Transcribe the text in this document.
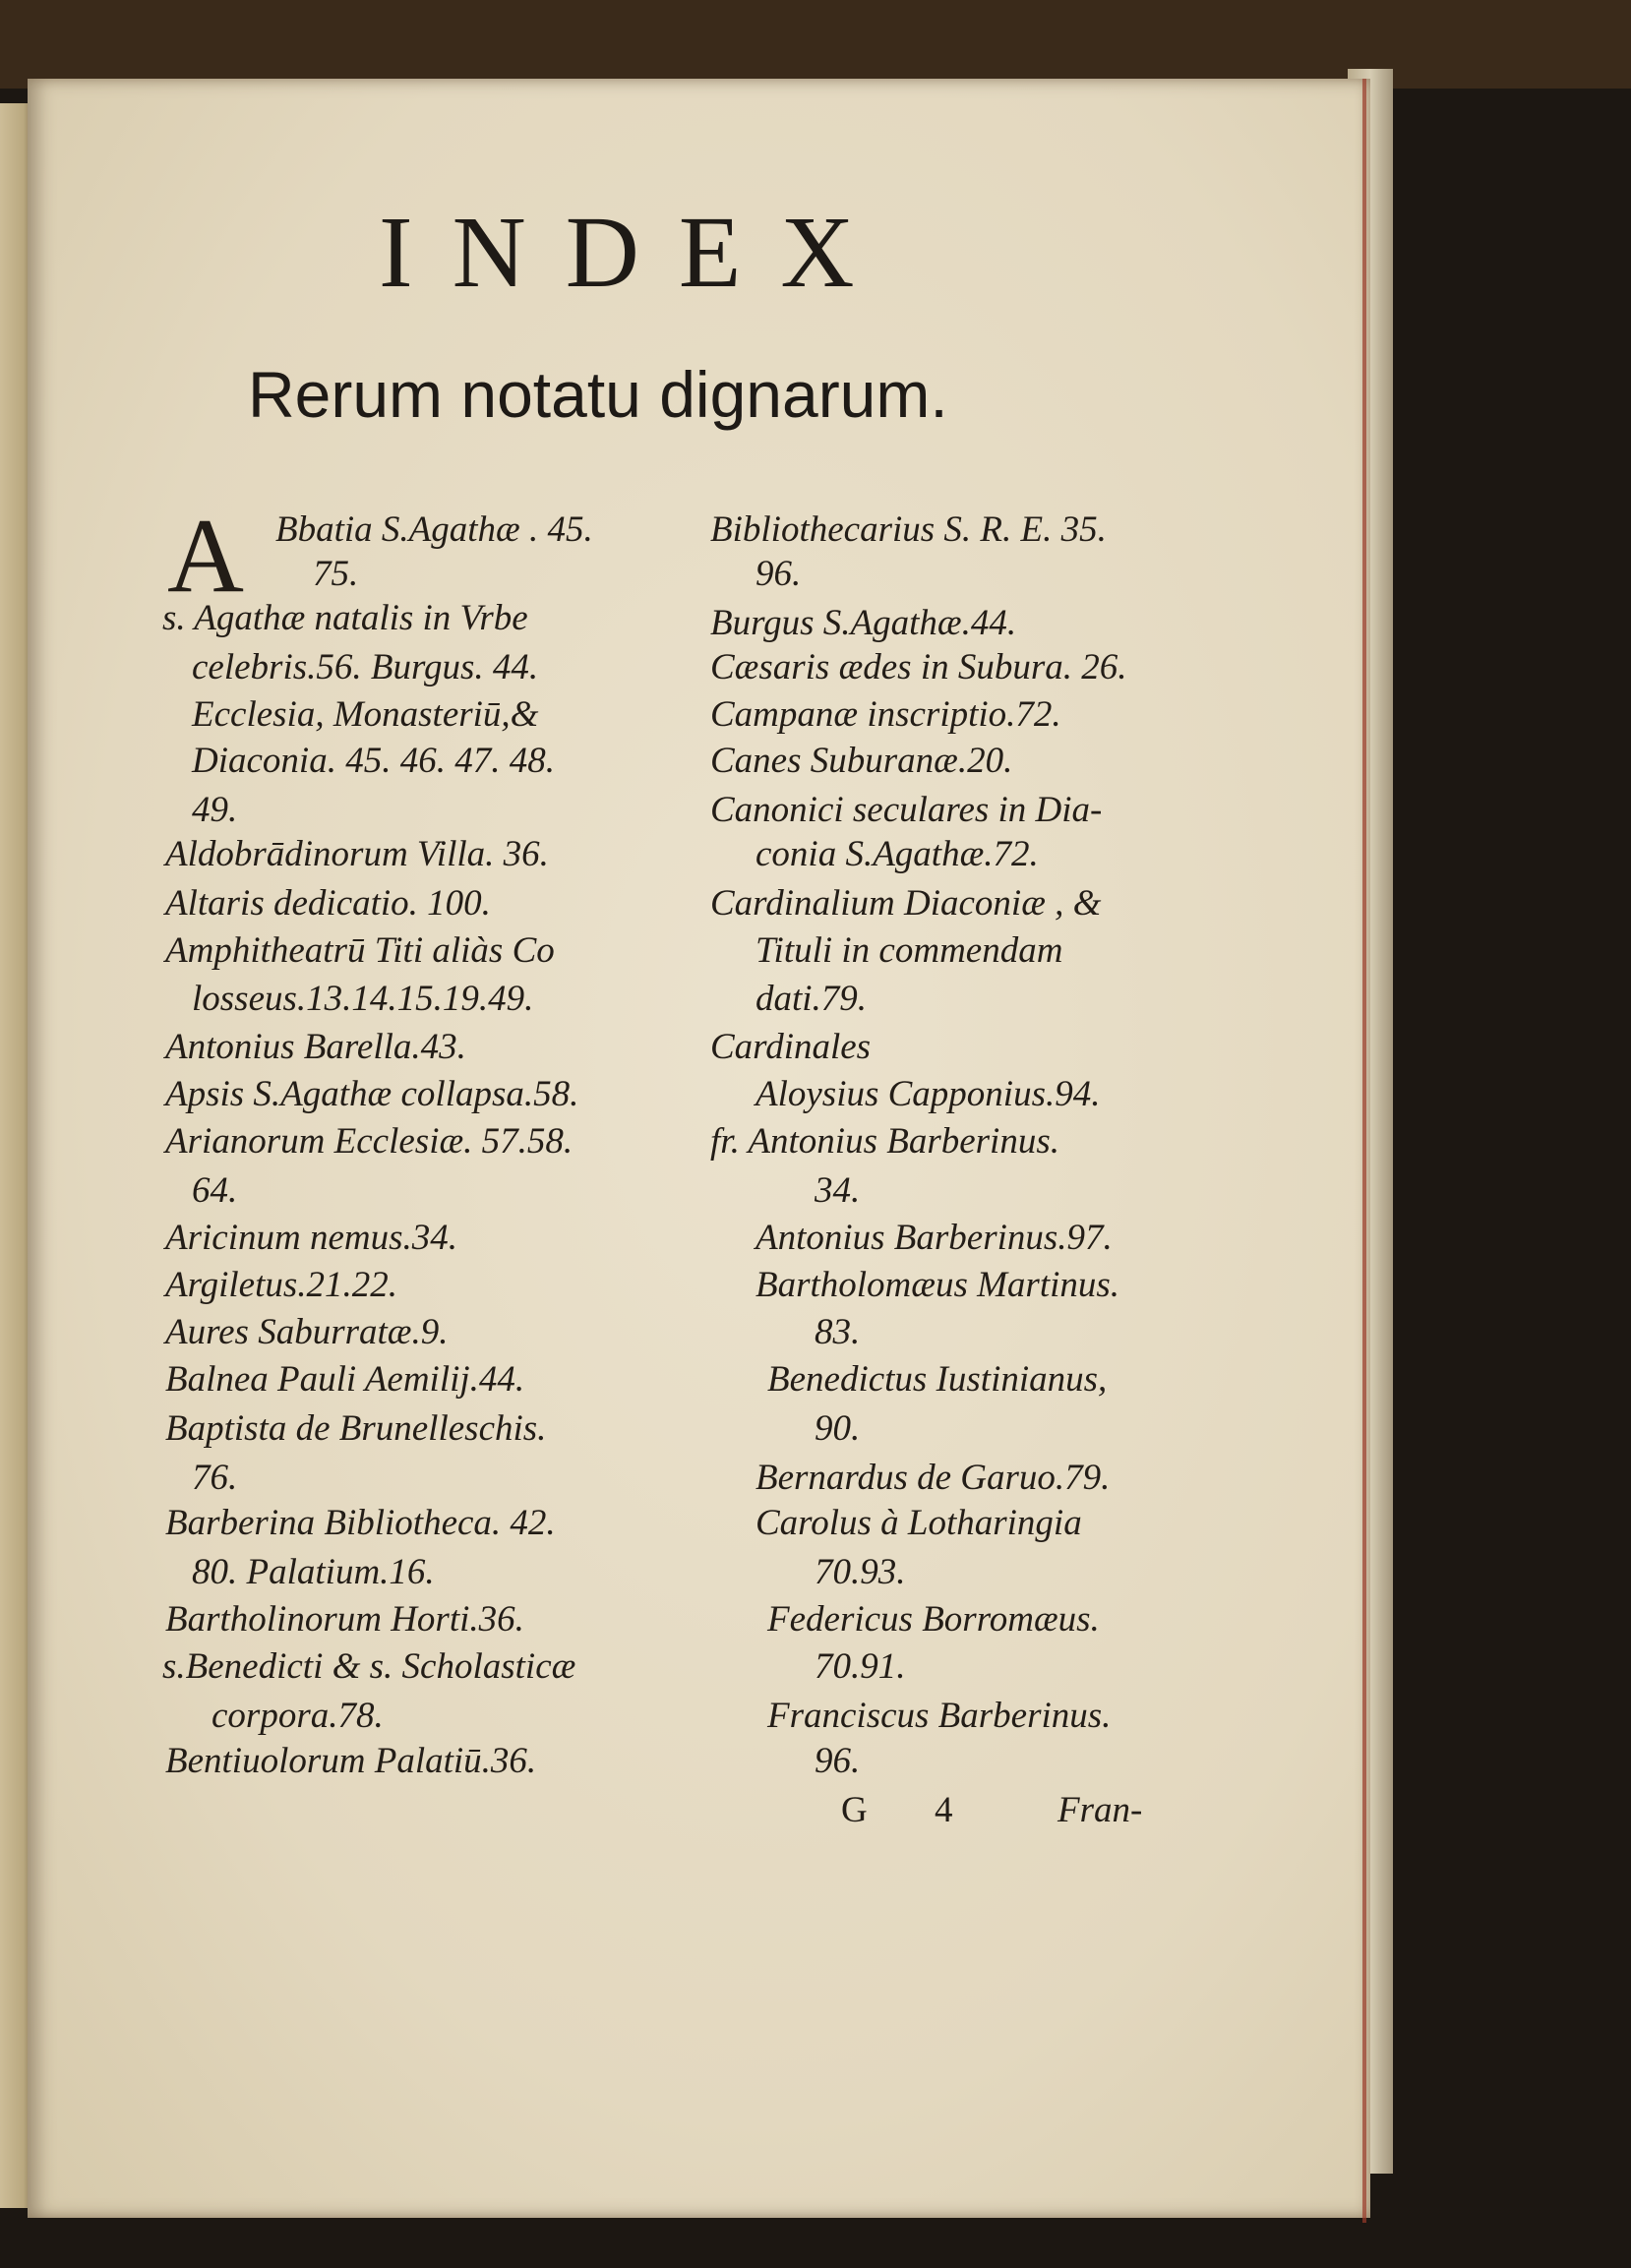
INDEX
Rerum notatu dignarum.
A Bbatia S.Agathæ . 45.
75.
s. Agathæ natalis in Vrbe
celebris.56. Burgus. 44.
Ecclesia, Monasteriū,&
Diaconia. 45. 46. 47. 48.
49.
Aldobrādinorum Villa. 36.
Altaris dedicatio. 100.
Amphitheatrū Titi aliàs Co
losseus.13.14.15.19.49.
Antonius Barella.43.
Apsis S.Agathæ collapsa.58.
Arianorum Ecclesiæ. 57.58.
64.
Aricinum nemus.34.
Argiletus.21.22.
Aures Saburratæ.9.
Balnea Pauli Aemilij.44.
Baptista de Brunelleschis.
76.
Barberina Bibliotheca. 42.
80. Palatium.16.
Bartholinorum Horti.36.
s.Benedicti & s. Scholasticæ
corpora.78.
Bentiuolorum Palatiū.36.
Bibliothecarius S. R. E. 35.
96.
Burgus S.Agathæ.44.
Cæsaris ædes in Subura. 26.
Campanæ inscriptio.72.
Canes Suburanæ.20.
Canonici seculares in Dia-
conia S.Agathæ.72.
Cardinalium Diaconiæ , &
Tituli in commendam
dati.79.
Cardinales
Aloysius Capponius.94.
fr. Antonius Barberinus.
34.
Antonius Barberinus.97.
Bartholomæus Martinus.
83.
Benedictus Iustinianus,
90.
Bernardus de Garuo.79.
Carolus à Lotharingia
70.93.
Federicus Borromæus.
70.91.
Franciscus Barberinus.
96.
G 4	Fran-
